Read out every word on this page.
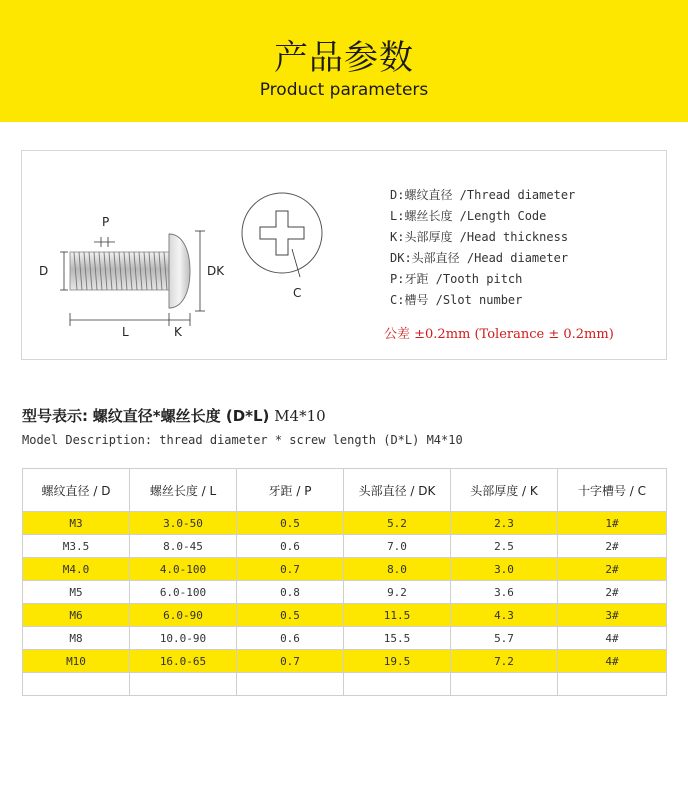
产品参数
Product parameters
P
D	DK
L	K
C
D:螺纹直径 /Thread diameter
L:螺丝长度 /Length Code
K:头部厚度 /Head thickness
DK:头部直径 /Head diameter
P:牙距 /Tooth pitch
C:槽号 /Slot number
公差 ±0.2mm (Tolerance ± 0.2mm)
型号表示: 螺纹直径*螺丝长度 (D*L) M4*10
Model Description: thread diameter * screw length (D*L) M4*10
螺纹直径 / D	螺丝长度 / L	牙距 / P	头部直径 / DK	头部厚度 / K	十字槽号 / C
M3	3.0-50	0.5	5.2	2.3	1#
M3.5	8.0-45	0.6	7.0	2.5	2#
M4.0	4.0-100	0.7	8.0	3.0	2#
M5	6.0-100	0.8	9.2	3.6	2#
M6	6.0-90	0.5	11.5	4.3	3#
M8	10.0-90	0.6	15.5	5.7	4#
M10	16.0-65	0.7	19.5	7.2	4#
